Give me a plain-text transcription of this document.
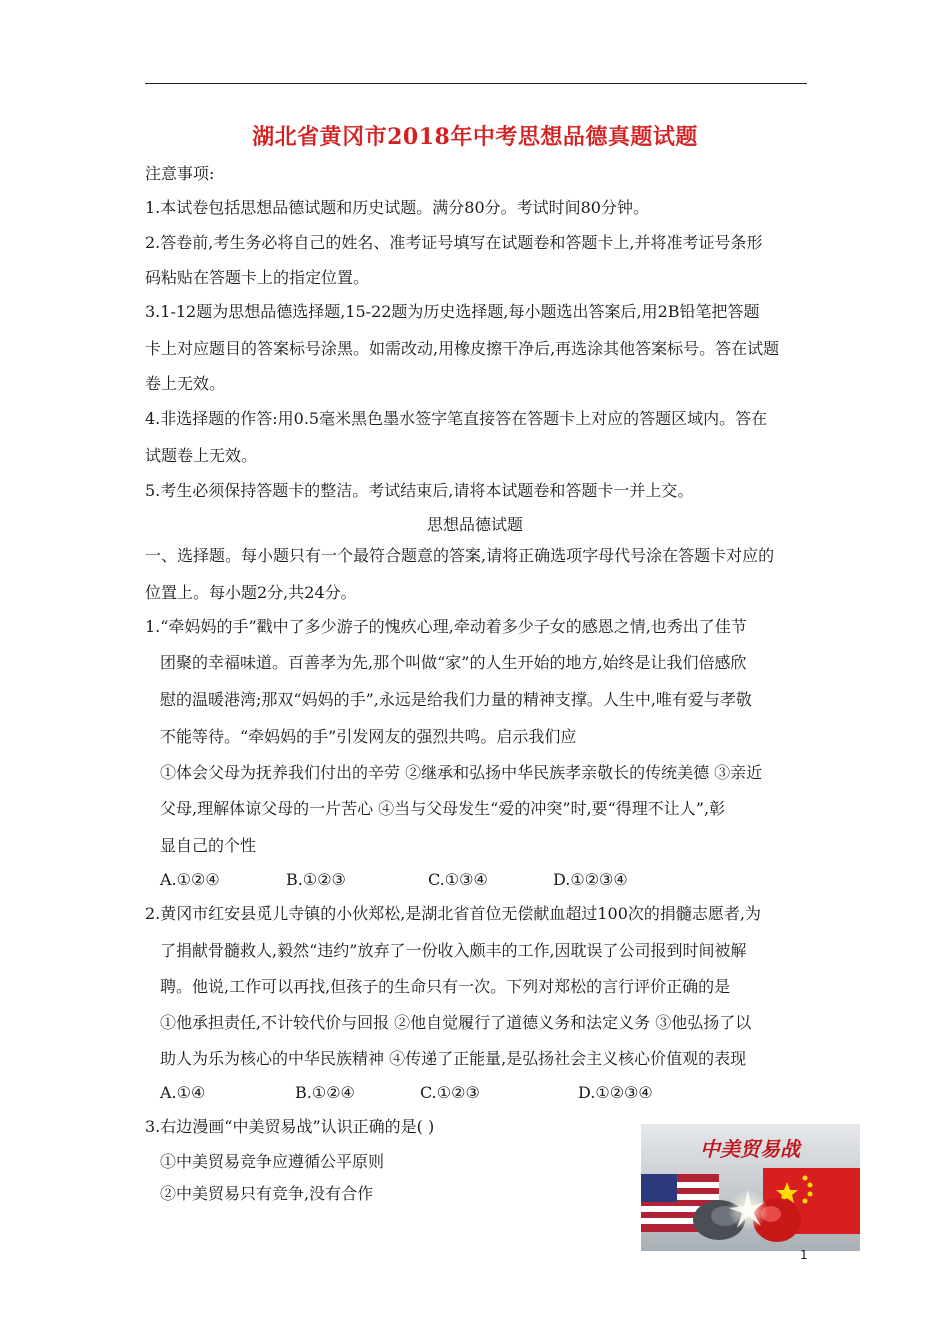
湖北省黄冈市2018年中考思想品德真题试题
注意事项:
1.本试卷包括思想品德试题和历史试题。满分80分。考试时间80分钟。
2.答卷前,考生务必将自己的姓名、准考证号填写在试题卷和答题卡上,并将准考证号条形
码粘贴在答题卡上的指定位置。
3.1-12题为思想品德选择题,15-22题为历史选择题,每小题选出答案后,用2B铅笔把答题
卡上对应题目的答案标号涂黑。如需改动,用橡皮擦干净后,再选涂其他答案标号。答在试题
卷上无效。
4.非选择题的作答:用0.5毫米黑色墨水签字笔直接答在答题卡上对应的答题区域内。答在
试题卷上无效。
5.考生必须保持答题卡的整洁。考试结束后,请将本试题卷和答题卡一并上交。
思想品德试题
一、选择题。每小题只有一个最符合题意的答案,请将正确选项字母代号涂在答题卡对应的
位置上。每小题2分,共24分。
1.“牵妈妈的手”戳中了多少游子的愧疚心理,牵动着多少子女的感恩之情,也秀出了佳节
团聚的幸福味道。百善孝为先,那个叫做“家”的人生开始的地方,始终是让我们倍感欣
慰的温暖港湾;那双“妈妈的手”,永远是给我们力量的精神支撑。人生中,唯有爱与孝敬
不能等待。“牵妈妈的手”引发网友的强烈共鸣。启示我们应
①体会父母为抚养我们付出的辛劳 ②继承和弘扬中华民族孝亲敬长的传统美德 ③亲近
父母,理解体谅父母的一片苦心 ④当与父母发生“爱的冲突”时,要“得理不让人”,彰
显自己的个性
A.①②④	B.①②③	C.①③④	D.①②③④
2.黄冈市红安县觅儿寺镇的小伙郑松,是湖北省首位无偿献血超过100次的捐髓志愿者,为
了捐献骨髓救人,毅然“违约”放弃了一份收入颇丰的工作,因耽误了公司报到时间被解
聘。他说,工作可以再找,但孩子的生命只有一次。下列对郑松的言行评价正确的是
①他承担责任,不计较代价与回报 ②他自觉履行了道德义务和法定义务 ③他弘扬了以
助人为乐为核心的中华民族精神 ④传递了正能量,是弘扬社会主义核心价值观的表现
A.①④	B.①②④	C.①②③	D.①②③④
3.右边漫画“中美贸易战”认识正确的是( )
①中美贸易竞争应遵循公平原则
②中美贸易只有竞争,没有合作
中美贸易战
1
